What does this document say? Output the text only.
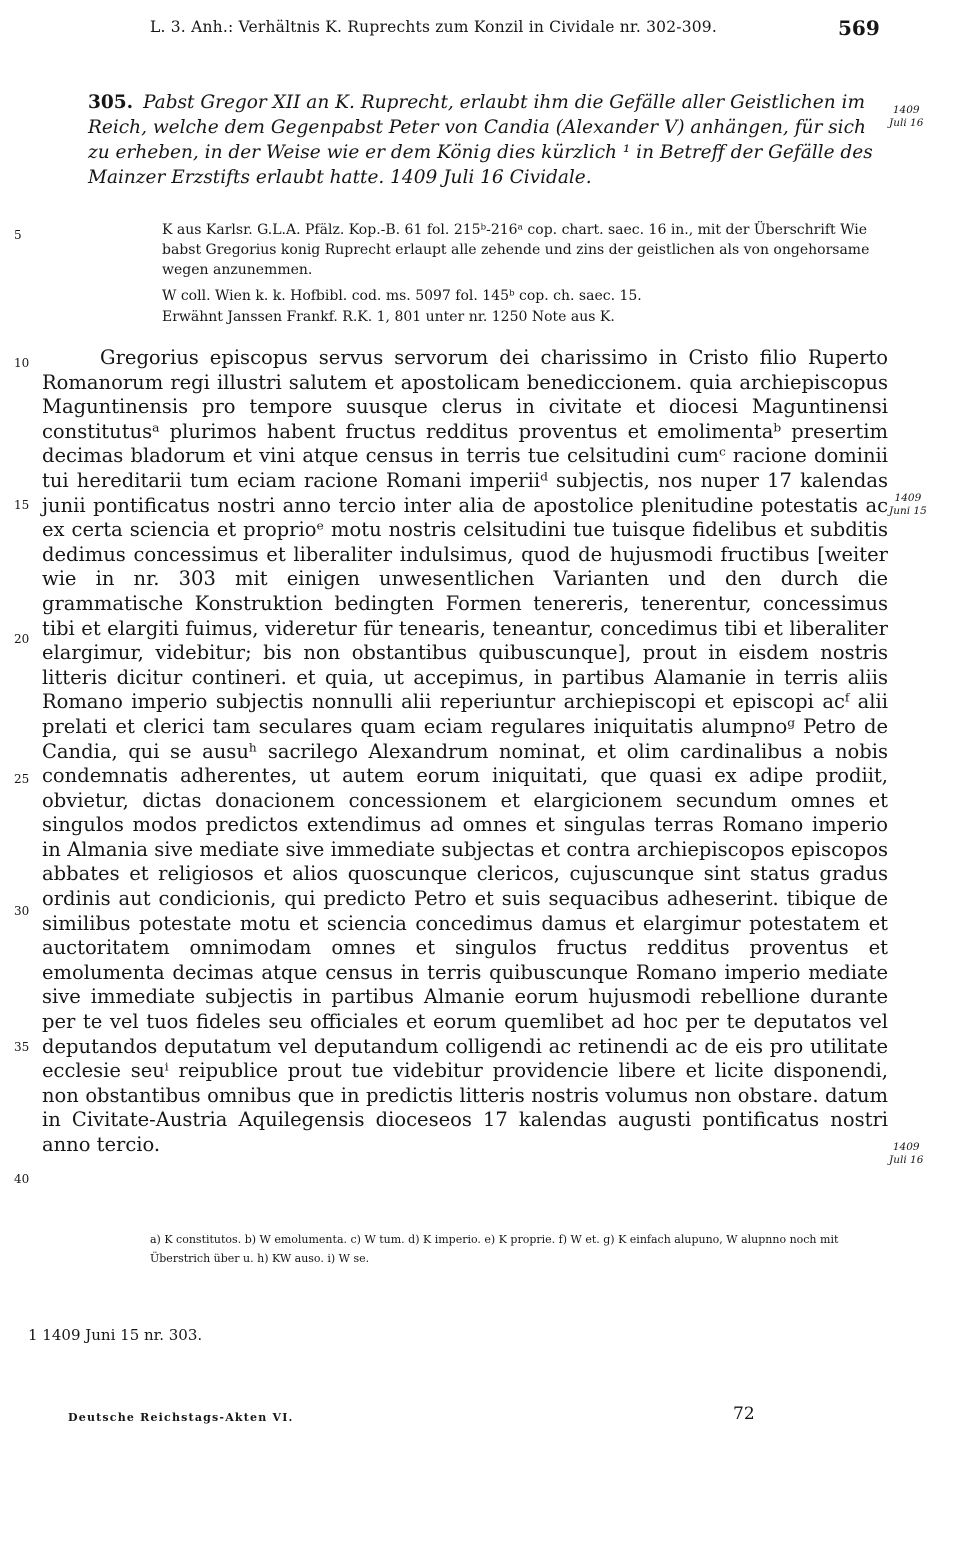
L. 3. Anh.: Verhältnis K. Ruprechts zum Konzil in Cividale nr. 302-309.	569
305. Pabst Gregor XII an K. Ruprecht, erlaubt ihm die Gefälle aller Geistlichen im Reich, welche dem Gegenpabst Peter von Candia (Alexander V) anhängen, für sich zu erheben, in der Weise wie er dem König dies kürzlich ¹ in Betreff der Gefälle des Mainzer Erzstifts erlaubt hatte. 1409 Juli 16 Cividale.
1409
Juli 16
5	K aus Karlsr. G.L.A. Pfälz. Kop.-B. 61 fol. 215ᵇ-216ᵃ cop. chart. saec. 16 in., mit der Überschrift Wie babst Gregorius konig Ruprecht erlaupt alle zehende und zins der geistlichen als von ongehorsame wegen anzunemmen.
W coll. Wien k. k. Hofbibl. cod. ms. 5097 fol. 145ᵇ cop. ch. saec. 15.
Erwähnt Janssen Frankf. R.K. 1, 801 unter nr. 1250 Note aus K.
10
15
20
25
30
35
40

Gregorius episcopus servus servorum dei charissimo in Cristo filio Ruperto Romanorum regi illustri salutem et apostolicam benediccionem. quia archiepiscopus Maguntinensis pro tempore suusque clerus in civitate et diocesi Maguntinensi constitutusᵃ plurimos habent fructus redditus proventus et emolimentaᵇ presertim decimas bladorum et vini atque census in terris tue celsitudini cumᶜ racione dominii tui hereditarii tum eciam racione Romani imperiiᵈ subjectis, nos nuper 17 kalendas junii pontificatus nostri anno tercio inter alia de apostolice plenitudine potestatis ac ex certa sciencia et proprioᵉ motu nostris celsitudini tue tuisque fidelibus et subditis dedimus concessimus et liberaliter indulsimus, quod de hujusmodi fructibus [weiter wie in nr. 303 mit einigen unwesentlichen Varianten und den durch die grammatische Konstruktion bedingten Formen tenereris, tenerentur, concessimus tibi et elargiti fuimus, videretur für tenearis, teneantur, concedimus tibi et liberaliter elargimur, videbitur; bis non obstantibus quibuscunque], prout in eisdem nostris litteris dicitur contineri. et quia, ut accepimus, in partibus Alamanie in terris aliis Romano imperio subjectis nonnulli alii reperiuntur archiepiscopi et episcopi acᶠ alii prelati et clerici tam seculares quam eciam regulares iniquitatis alumpnoᵍ Petro de Candia, qui se ausuʰ sacrilego Alexandrum nominat, et olim cardinalibus a nobis condemnatis adherentes, ut autem eorum iniquitati, que quasi ex adipe prodiit, obvietur, dictas donacionem concessionem et elargicionem secundum omnes et singulos modos predictos extendimus ad omnes et singulas terras Romano imperio in Almania sive mediate sive immediate subjectas et contra archiepiscopos episcopos abbates et religiosos et alios quoscunque clericos, cujuscunque sint status gradus ordinis aut condicionis, qui predicto Petro et suis sequacibus adheserint. tibique de similibus potestate motu et sciencia concedimus damus et elargimur potestatem et auctoritatem omnimodam omnes et singulos fructus redditus proventus et emolumenta decimas atque census in terris quibuscunque Romano imperio mediate sive immediate subjectis in partibus Almanie eorum hujusmodi rebellione durante per te vel tuos fideles seu officiales et eorum quemlibet ad hoc per te deputatos vel deputandos deputatum vel deputandum colligendi ac retinendi ac de eis pro utilitate ecclesie seuⁱ reipublice prout tue videbitur providencie libere et licite disponendi, non obstantibus omnibus que in predictis litteris nostris volumus non obstare. datum in Civitate-Austria Aquilegensis dioceseos 17 kalendas augusti pontificatus nostri anno tercio.

1409
Juni 15
1409
Juli 16
a) K constitutos. b) W emolumenta. c) W tum. d) K imperio. e) K proprie. f) W et. g) K einfach alupuno, W alupnno noch mit Überstrich über u. h) KW auso. i) W se.
1 1409 Juni 15 nr. 303.
Deutsche Reichstags-Akten VI.	72
